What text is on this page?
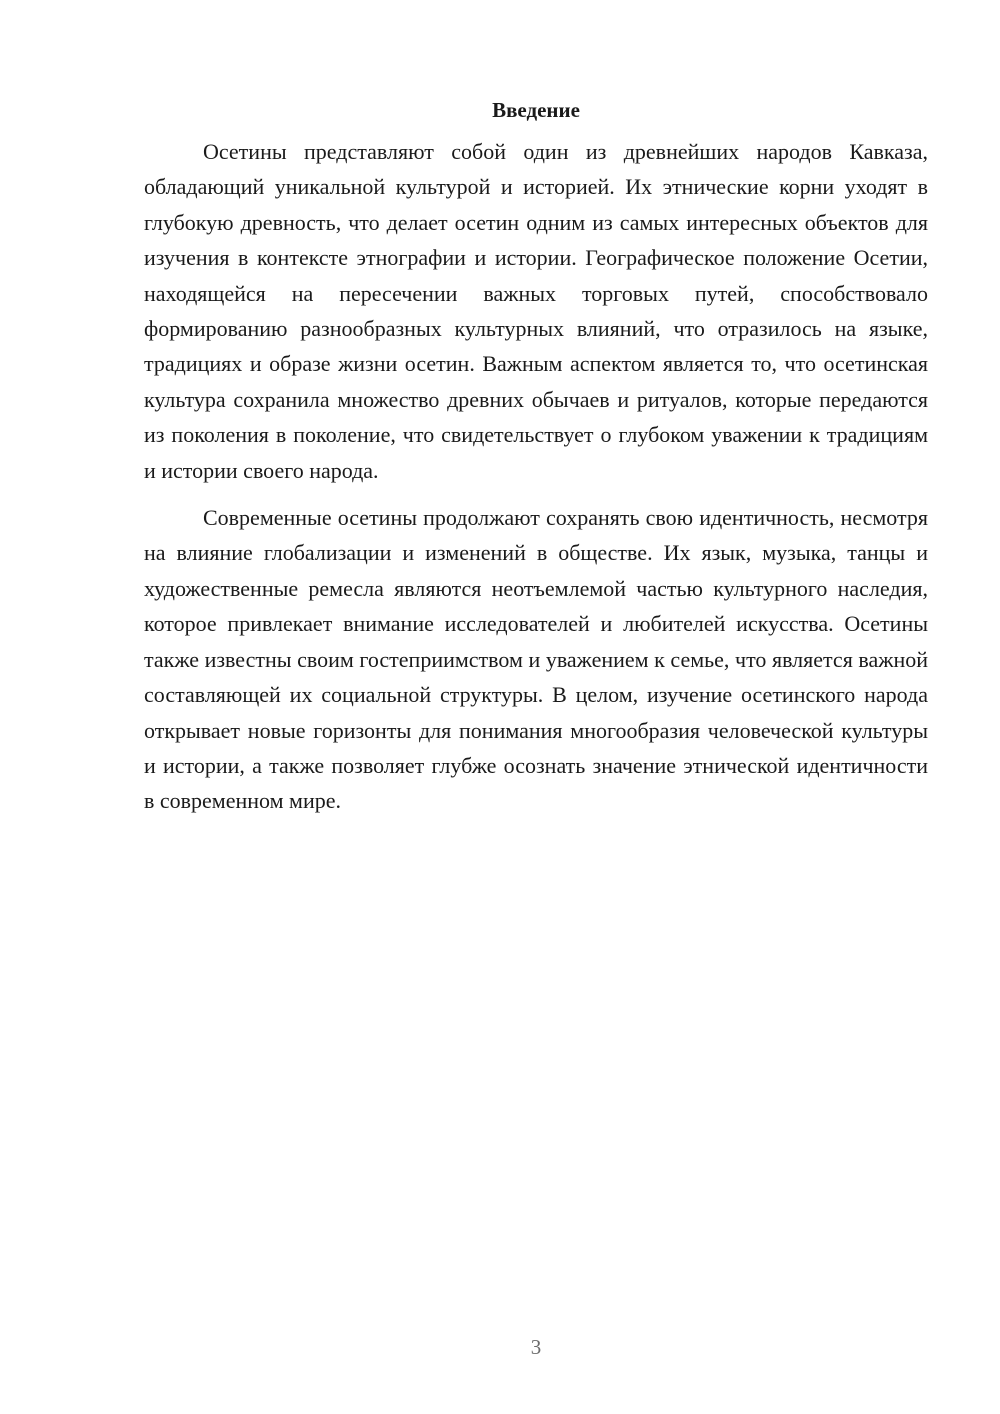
Введение

Осетины представляют собой один из древнейших народов Кавказа, обладающий уникальной культурой и историей. Их этнические корни уходят в глубокую древность, что делает осетин одним из самых интересных объектов для изучения в контексте этнографии и истории. Географическое положение Осетии, находящейся на пересечении важных торговых путей, способствовало формированию разнообразных культурных влияний, что отразилось на языке, традициях и образе жизни осетин. Важным аспектом является то, что осетинская культура сохранила множество древних обычаев и ритуалов, которые передаются из поколения в поколение, что свидетельствует о глубоком уважении к традициям и истории своего народа.

Современные осетины продолжают сохранять свою идентичность, несмотря на влияние глобализации и изменений в обществе. Их язык, музыка, танцы и художественные ремесла являются неотъемлемой частью культурного наследия, которое привлекает внимание исследователей и любителей искусства. Осетины также известны своим гостеприимством и уважением к семье, что является важной составляющей их социальной структуры. В целом, изучение осетинского народа открывает новые горизонты для понимания многообразия человеческой культуры и истории, а также позволяет глубже осознать значение этнической идентичности в современном мире.

3
